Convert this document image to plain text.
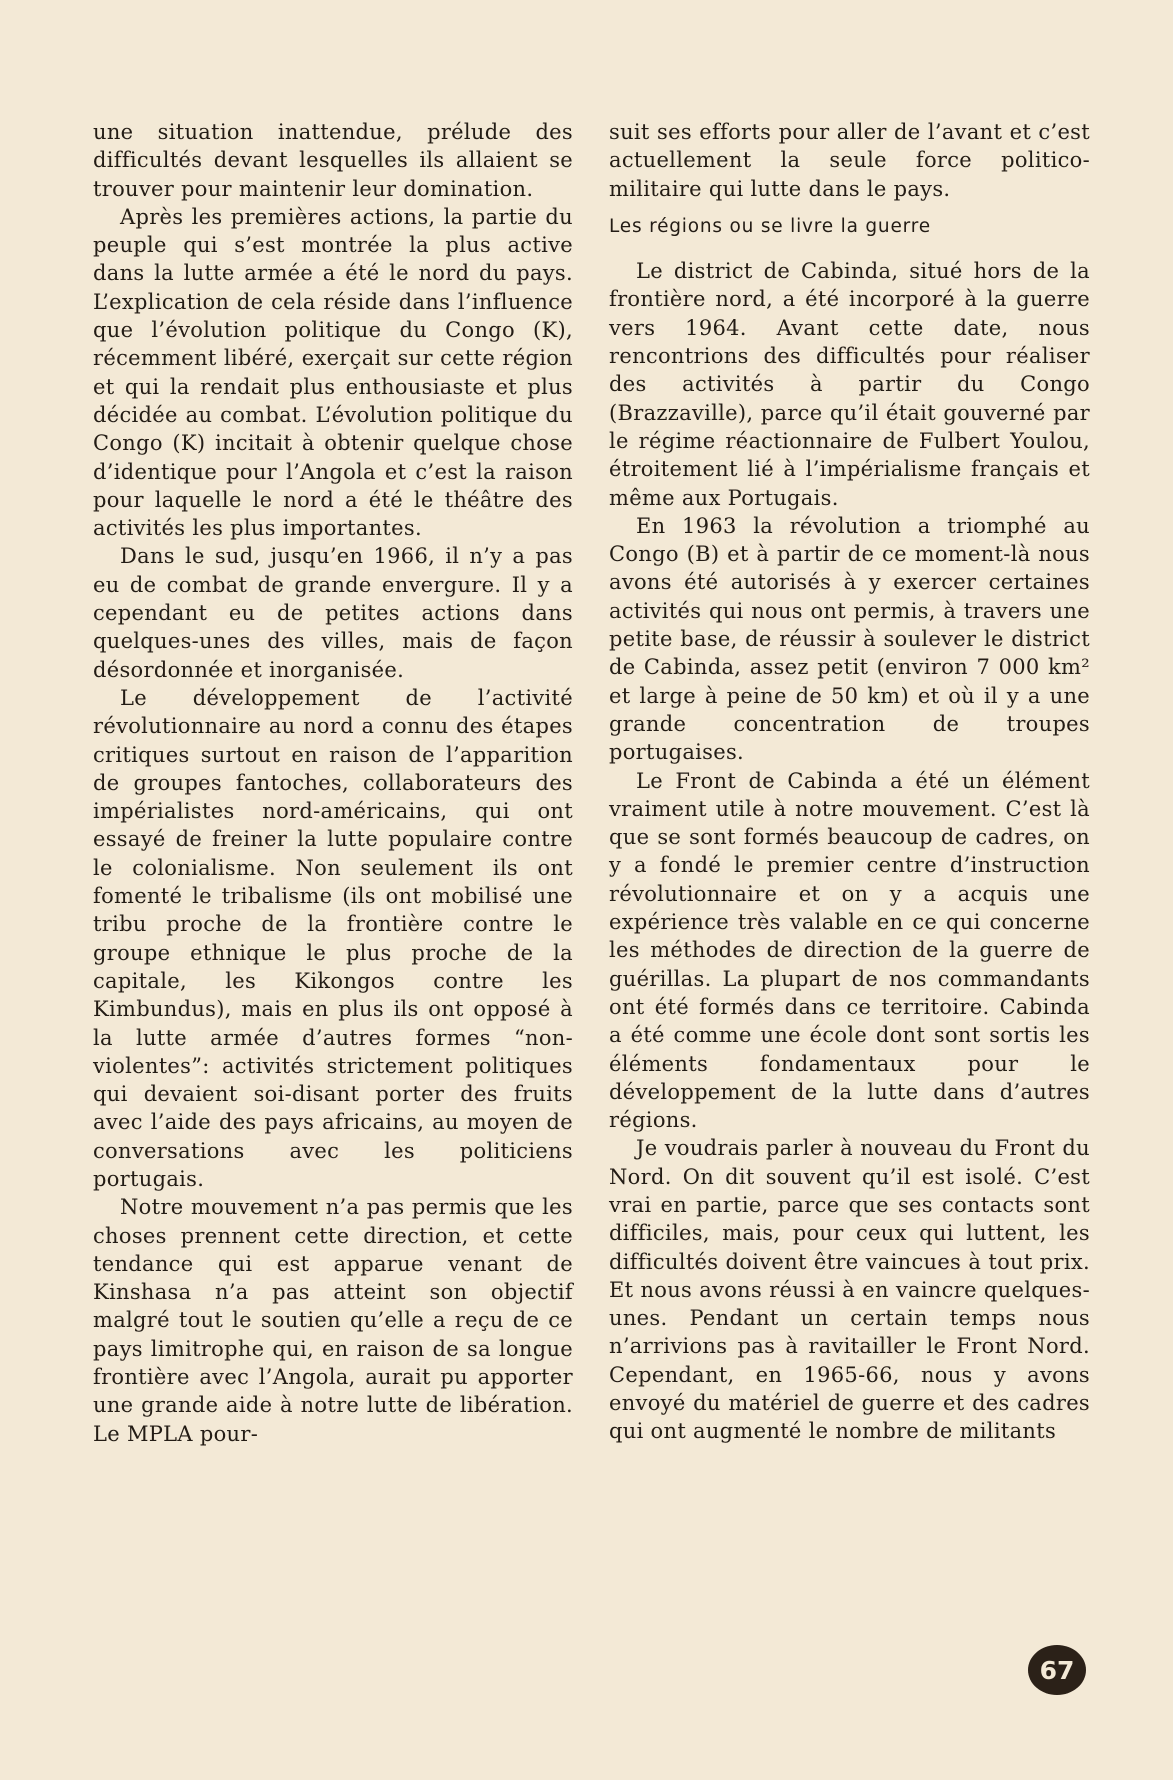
une situation inattendue, prélude des difficultés devant lesquelles ils allaient se trouver pour maintenir leur domination.

Après les premières actions, la partie du peuple qui s’est montrée la plus active dans la lutte armée a été le nord du pays. L’explication de cela réside dans l’influence que l’évolution politique du Congo (K), récemment libéré, exerçait sur cette région et qui la rendait plus enthousiaste et plus décidée au combat. L’évolution politique du Congo (K) incitait à obtenir quelque chose d’identique pour l’Angola et c’est la raison pour laquelle le nord a été le théâtre des activités les plus importantes.

Dans le sud, jusqu’en 1966, il n’y a pas eu de combat de grande envergure. Il y a cependant eu de petites actions dans quelques-unes des villes, mais de façon désordonnée et inorganisée.

Le développement de l’activité révolutionnaire au nord a connu des étapes critiques surtout en raison de l’apparition de groupes fantoches, collaborateurs des impérialistes nord-américains, qui ont essayé de freiner la lutte populaire contre le colonialisme. Non seulement ils ont fomenté le tribalisme (ils ont mobilisé une tribu proche de la frontière contre le groupe ethnique le plus proche de la capitale, les Kikongos contre les Kimbundus), mais en plus ils ont opposé à la lutte armée d’autres formes “non-violentes”: activités strictement politiques qui devaient soi-disant porter des fruits avec l’aide des pays africains, au moyen de conversations avec les politiciens portugais.

Notre mouvement n’a pas permis que les choses prennent cette direction, et cette tendance qui est apparue venant de Kinshasa n’a pas atteint son objectif malgré tout le soutien qu’elle a reçu de ce pays limitrophe qui, en raison de sa longue frontière avec l’Angola, aurait pu apporter une grande aide à notre lutte de libération. Le MPLA pour-

suit ses efforts pour aller de l’avant et c’est actuellement la seule force politico-militaire qui lutte dans le pays.

Les régions ou se livre la guerre

Le district de Cabinda, situé hors de la frontière nord, a été incorporé à la guerre vers 1964. Avant cette date, nous rencontrions des difficultés pour réaliser des activités à partir du Congo (Brazzaville), parce qu’il était gouverné par le régime réactionnaire de Fulbert Youlou, étroitement lié à l’impérialisme français et même aux Portugais.

En 1963 la révolution a triomphé au Congo (B) et à partir de ce moment-là nous avons été autorisés à y exercer certaines activités qui nous ont permis, à travers une petite base, de réussir à soulever le district de Cabinda, assez petit (environ 7 000 km² et large à peine de 50 km) et où il y a une grande concentration de troupes portugaises.

Le Front de Cabinda a été un élément vraiment utile à notre mouvement. C’est là que se sont formés beaucoup de cadres, on y a fondé le premier centre d’instruction révolutionnaire et on y a acquis une expérience très valable en ce qui concerne les méthodes de direction de la guerre de guérillas. La plupart de nos commandants ont été formés dans ce territoire. Cabinda a été comme une école dont sont sortis les éléments fondamentaux pour le développement de la lutte dans d’autres régions.

Je voudrais parler à nouveau du Front du Nord. On dit souvent qu’il est isolé. C’est vrai en partie, parce que ses contacts sont difficiles, mais, pour ceux qui luttent, les difficultés doivent être vaincues à tout prix. Et nous avons réussi à en vaincre quelques-unes. Pendant un certain temps nous n’arrivions pas à ravitailler le Front Nord. Cependant, en 1965-66, nous y avons envoyé du matériel de guerre et des cadres qui ont augmenté le nombre de militants

67
